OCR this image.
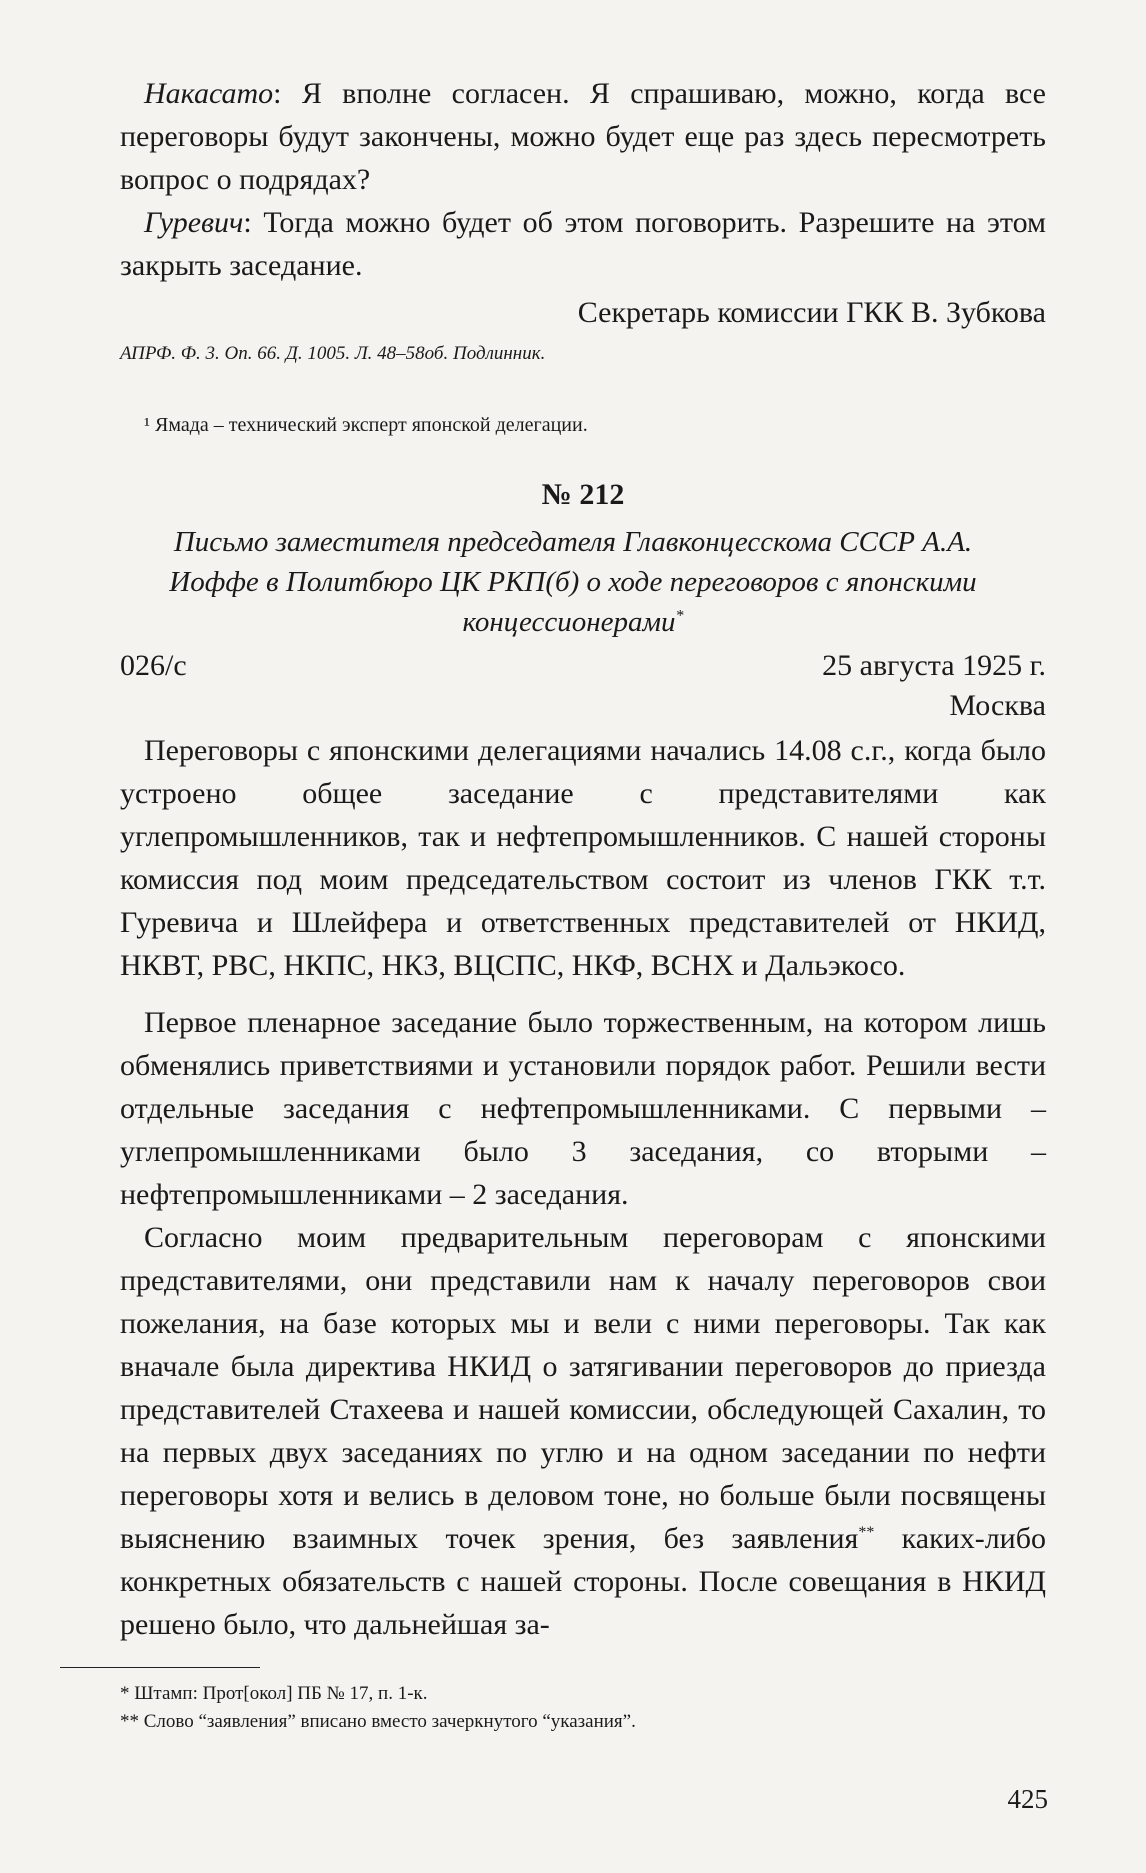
Накасато: Я вполне согласен. Я спрашиваю, можно, когда все переговоры будут закончены, можно будет еще раз здесь пересмотреть вопрос о подрядах?

Гуревич: Тогда можно будет об этом поговорить. Разрешите на этом закрыть заседание.

Секретарь комиссии ГКК В. Зубкова

АПРФ. Ф. 3. Оп. 66. Д. 1005. Л. 48–58об. Подлинник.
¹ Ямада – технический эксперт японской делегации.
№ 212
Письмо заместителя председателя Главконцесскома СССР А.А. Иоффе в Политбюро ЦК РКП(б) о ходе переговоров с японскими концессионерами*
026/с	25 августа 1925 г.
Москва

Переговоры с японскими делегациями начались 14.08 с.г., когда было устроено общее заседание с представителями как углепромышленников, так и нефтепромышленников. С нашей стороны комиссия под моим председательством состоит из членов ГКК т.т. Гуревича и Шлейфера и ответственных представителей от НКИД, НКВТ, РВС, НКПС, НКЗ, ВЦСПС, НКФ, ВСНХ и Дальэкосо.

Первое пленарное заседание было торжественным, на котором лишь обменялись приветствиями и установили порядок работ. Решили вести отдельные заседания с нефтепромышленниками. С первыми – углепромышленниками было 3 заседания, со вторыми – нефтепромышленниками – 2 заседания.

Согласно моим предварительным переговорам с японскими представителями, они представили нам к началу переговоров свои пожелания, на базе которых мы и вели с ними переговоры. Так как вначале была директива НКИД о затягивании переговоров до приезда представителей Стахеева и нашей комиссии, обследующей Сахалин, то на первых двух заседаниях по углю и на одном заседании по нефти переговоры хотя и велись в деловом тоне, но больше были посвящены выяснению взаимных точек зрения, без заявления** каких-либо конкретных обязательств с нашей стороны. После совещания в НКИД решено было, что дальнейшая за-

* Штамп: Прот[окол] ПБ № 17, п. 1-к.
** Слово “заявления” вписано вместо зачеркнутого “указания”.
425
